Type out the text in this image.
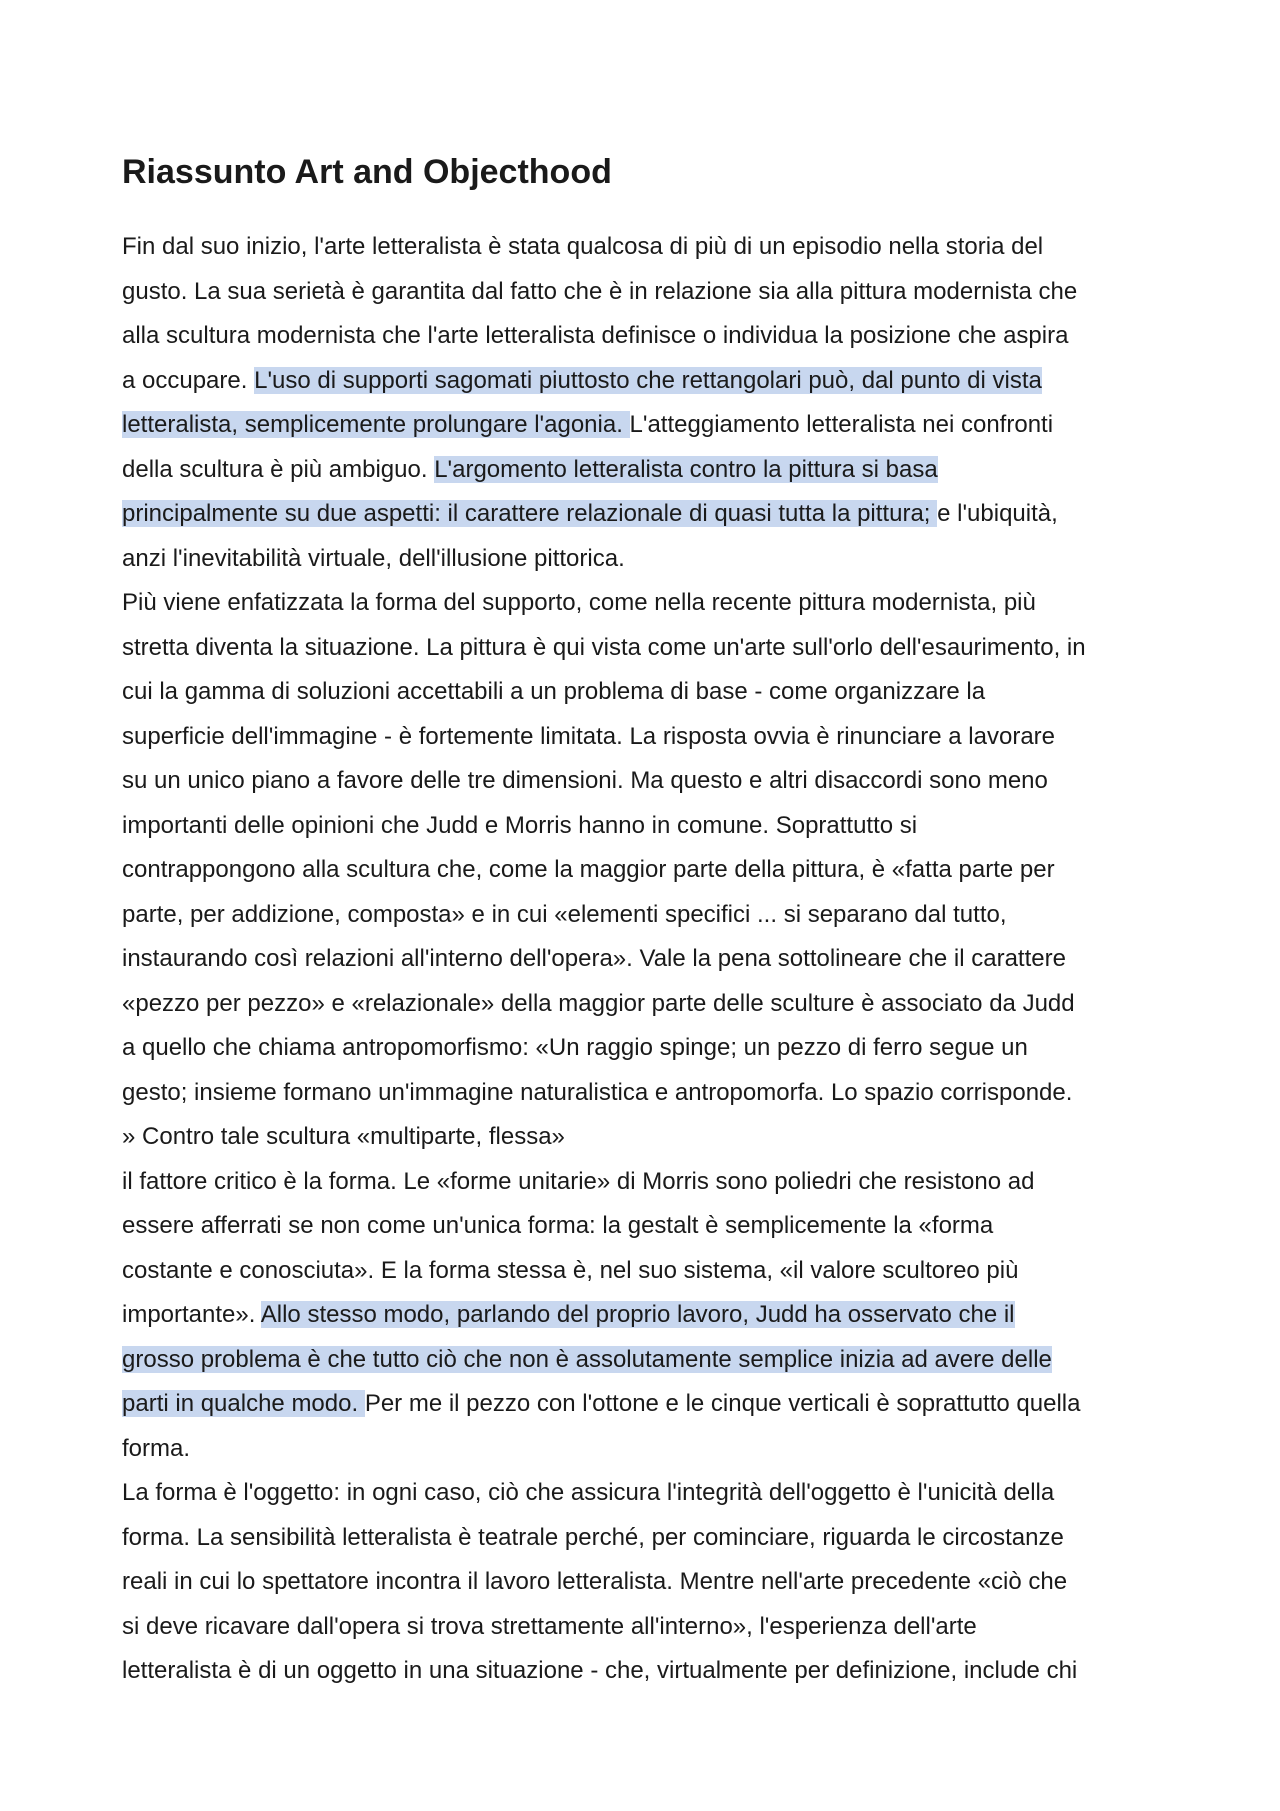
Riassunto Art and Objecthood
Fin dal suo inizio, l'arte letteralista è stata qualcosa di più di un episodio nella storia del
gusto. La sua serietà è garantita dal fatto che è in relazione sia alla pittura modernista che
alla scultura modernista che l'arte letteralista definisce o individua la posizione che aspira
a occupare. L'uso di supporti sagomati piuttosto che rettangolari può, dal punto di vista
letteralista, semplicemente prolungare l'agonia. L'atteggiamento letteralista nei confronti
della scultura è più ambiguo. L'argomento letteralista contro la pittura si basa
principalmente su due aspetti: il carattere relazionale di quasi tutta la pittura; e l'ubiquità,
anzi l'inevitabilità virtuale, dell'illusione pittorica.
Più viene enfatizzata la forma del supporto, come nella recente pittura modernista, più
stretta diventa la situazione. La pittura è qui vista come un'arte sull'orlo dell'esaurimento, in
cui la gamma di soluzioni accettabili a un problema di base - come organizzare la
superficie dell'immagine - è fortemente limitata. La risposta ovvia è rinunciare a lavorare
su un unico piano a favore delle tre dimensioni. Ma questo e altri disaccordi sono meno
importanti delle opinioni che Judd e Morris hanno in comune. Soprattutto si
contrappongono alla scultura che, come la maggior parte della pittura, è «fatta parte per
parte, per addizione, composta» e in cui «elementi specifici ... si separano dal tutto,
instaurando così relazioni all'interno dell'opera». Vale la pena sottolineare che il carattere
«pezzo per pezzo» e «relazionale» della maggior parte delle sculture è associato da Judd
a quello che chiama antropomorfismo: «Un raggio spinge; un pezzo di ferro segue un
gesto; insieme formano un'immagine naturalistica e antropomorfa. Lo spazio corrisponde.
» Contro tale scultura «multiparte, flessa»
il fattore critico è la forma. Le «forme unitarie» di Morris sono poliedri che resistono ad
essere afferrati se non come un'unica forma: la gestalt è semplicemente la «forma
costante e conosciuta». E la forma stessa è, nel suo sistema, «il valore scultoreo più
importante». Allo stesso modo, parlando del proprio lavoro, Judd ha osservato che il
grosso problema è che tutto ciò che non è assolutamente semplice inizia ad avere delle
parti in qualche modo. Per me il pezzo con l'ottone e le cinque verticali è soprattutto quella
forma.
La forma è l'oggetto: in ogni caso, ciò che assicura l'integrità dell'oggetto è l'unicità della
forma. La sensibilità letteralista è teatrale perché, per cominciare, riguarda le circostanze
reali in cui lo spettatore incontra il lavoro letteralista. Mentre nell'arte precedente «ciò che
si deve ricavare dall'opera si trova strettamente all'interno», l'esperienza dell'arte
letteralista è di un oggetto in una situazione - che, virtualmente per definizione, include chi
